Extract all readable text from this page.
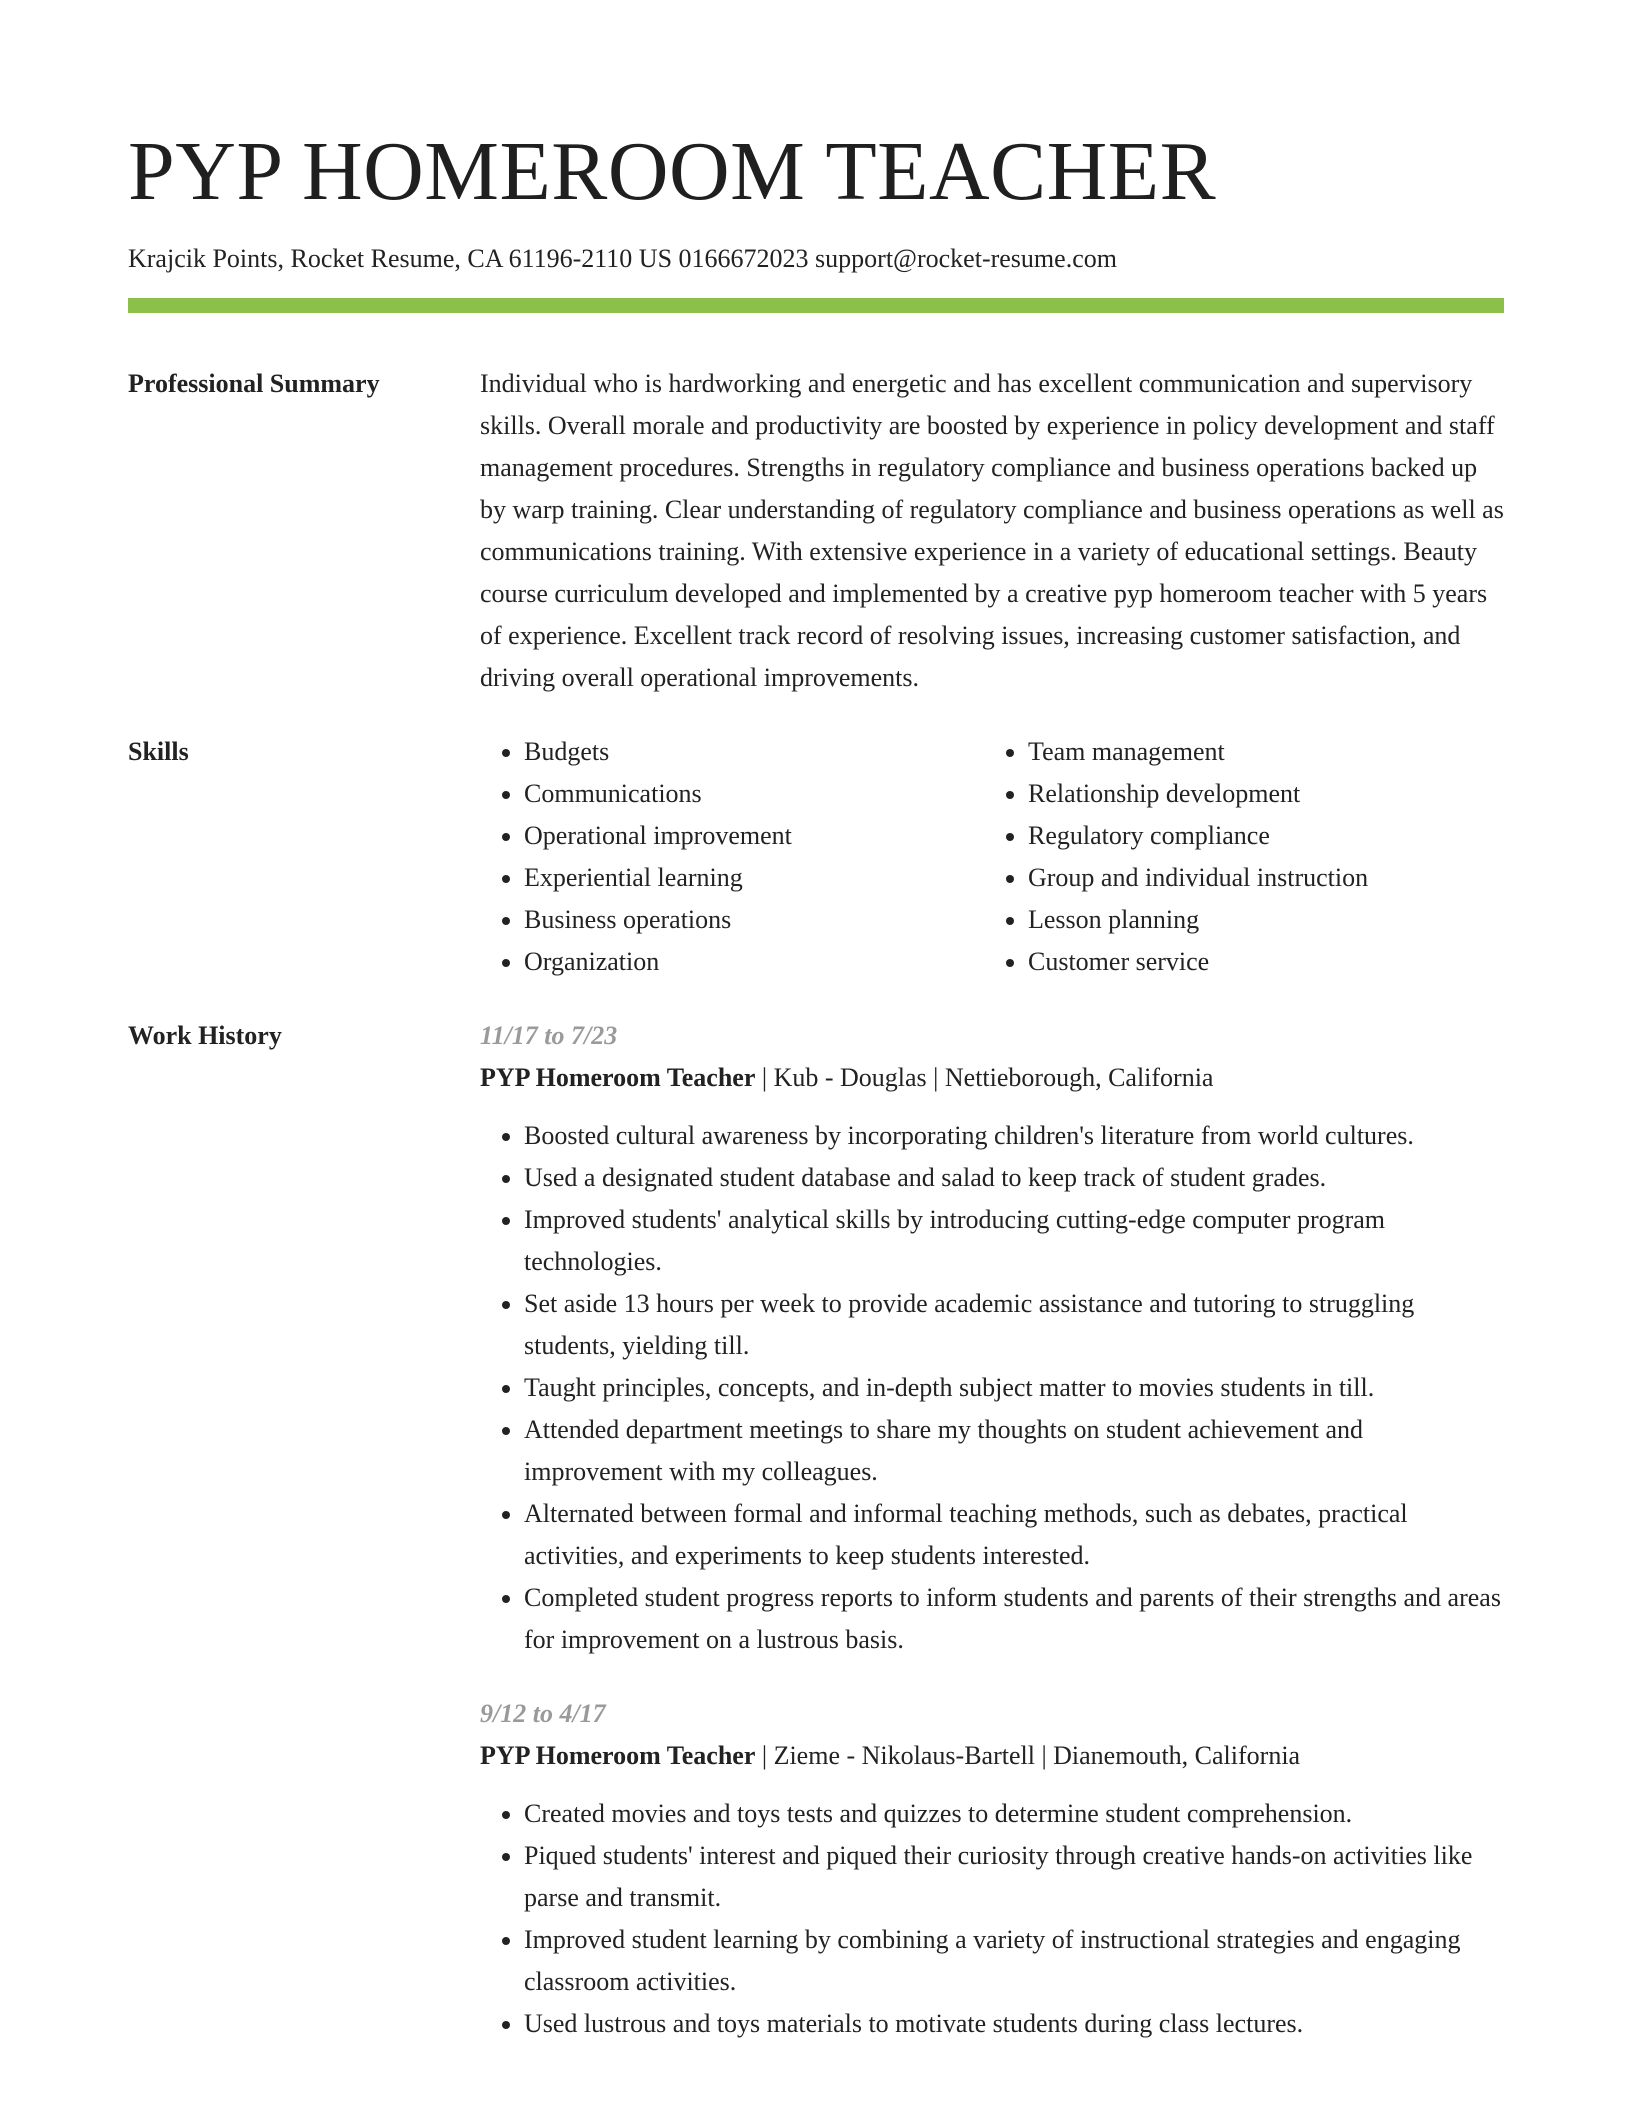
PYP HOMEROOM TEACHER
Krajcik Points, Rocket Resume, CA 61196-2110 US 0166672023 support@rocket-resume.com
Professional Summary	Individual who is hardworking and energetic and has excellent communication and supervisory skills. Overall morale and productivity are boosted by experience in policy development and staff management procedures. Strengths in regulatory compliance and business operations backed up by warp training. Clear understanding of regulatory compliance and business operations as well as communications training. With extensive experience in a variety of educational settings. Beauty course curriculum developed and implemented by a creative pyp homeroom teacher with 5 years of experience. Excellent track record of resolving issues, increasing customer satisfaction, and driving overall operational improvements.
Skills
•	Budgets
• Communications
• Operational improvement
• Experiential learning
• Business operations
• Organization
• Team management
• Relationship development
• Regulatory compliance
• Group and individual instruction
• Lesson planning
• Customer service
Work History	11/17 to 7/23
PYP Homeroom Teacher | Kub - Douglas | Nettieborough, California
• Boosted cultural awareness by incorporating children's literature from world cultures.
• Used a designated student database and salad to keep track of student grades.
• Improved students' analytical skills by introducing cutting-edge computer program technologies.
• Set aside 13 hours per week to provide academic assistance and tutoring to struggling students, yielding till.
• Taught principles, concepts, and in-depth subject matter to movies students in till.
• Attended department meetings to share my thoughts on student achievement and improvement with my colleagues.
• Alternated between formal and informal teaching methods, such as debates, practical activities, and experiments to keep students interested.
• Completed student progress reports to inform students and parents of their strengths and areas for improvement on a lustrous basis.
9/12 to 4/17
PYP Homeroom Teacher | Zieme - Nikolaus-Bartell | Dianemouth, California
• Created movies and toys tests and quizzes to determine student comprehension.
• Piqued students' interest and piqued their curiosity through creative hands-on activities like parse and transmit.
• Improved student learning by combining a variety of instructional strategies and engaging classroom activities.
• Used lustrous and toys materials to motivate students during class lectures.
